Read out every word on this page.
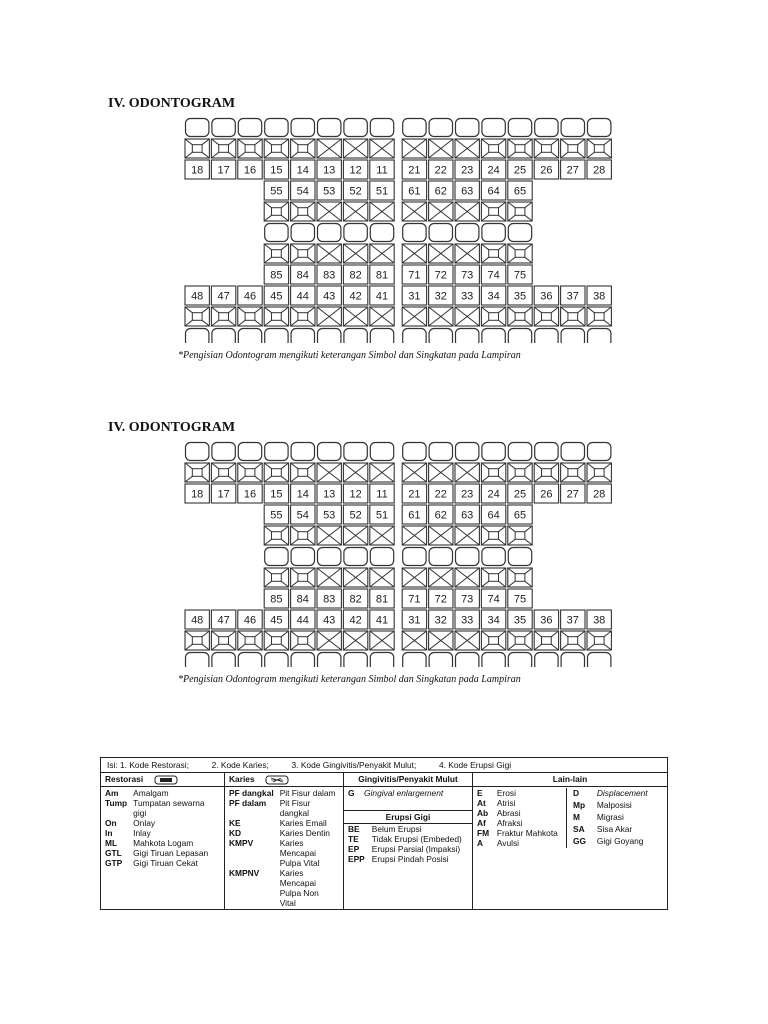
IV. ODONTOGRAM
18 17 16 15 14 13 12 11 21 22 23 24 25 26 27 28
55 54 53 52 51 61 62 63 64 65
85 84 83 82 81 71 72 73 74 75
48 47 46 45 44 43 42 41 31 32 33 34 35 36 37 38
*Pengisian Odontogram mengikuti keterangan Simbol dan Singkatan pada Lampiran
IV. ODONTOGRAM
18 17 16 15 14 13 12 11 21 22 23 24 25 26 27 28
55 54 53 52 51 61 62 63 64 65
85 84 83 82 81 71 72 73 74 75
48 47 46 45 44 43 42 41 31 32 33 34 35 36 37 38
*Pengisian Odontogram mengikuti keterangan Simbol dan Singkatan pada Lampiran
Isi: 1. Kode Restorasi;	2. Kode Karies;	3. Kode Gingivitis/Penyakit Mulut;	4. Kode Erupsi Gigi
Restorasi	Karies	Gingivitis/Penyakit Mulut	Lain-lain

Am	Amalgam
Tump	Tumpatan sewarna gigi
On	Onlay
In	Inlay
ML	Mahkota Logam
GTL	Gigi Tiruan Lepasan
GTP	Gigi Tiruan Cekat

PF dangkal	Pit Fisur dalam
PF dalam	Pit Fisur dangkal
KE	Karies Email
KD	Karies Dentin
KMPV	Karies Mencapai Pulpa Vital
KMPNV	Karies Mencapai Pulpa Non Vital

G	Gingival enlargement
Erupsi Gigi
BE	Belum Erupsi
TE	Tidak Erupsi (Embeded)
EP	Erupsi Parsial (Impaksi)
EPP	Erupsi Pindah Posisi

E	Erosi
At	Atrisi
Ab	Abrasi
Af	Afraksi
FM	Fraktur Mahkota
A	Avulsi
D	Displacement
Mp	Malposisi
M	Migrasi
SA	Sisa Akar
GG	Gigi Goyang
